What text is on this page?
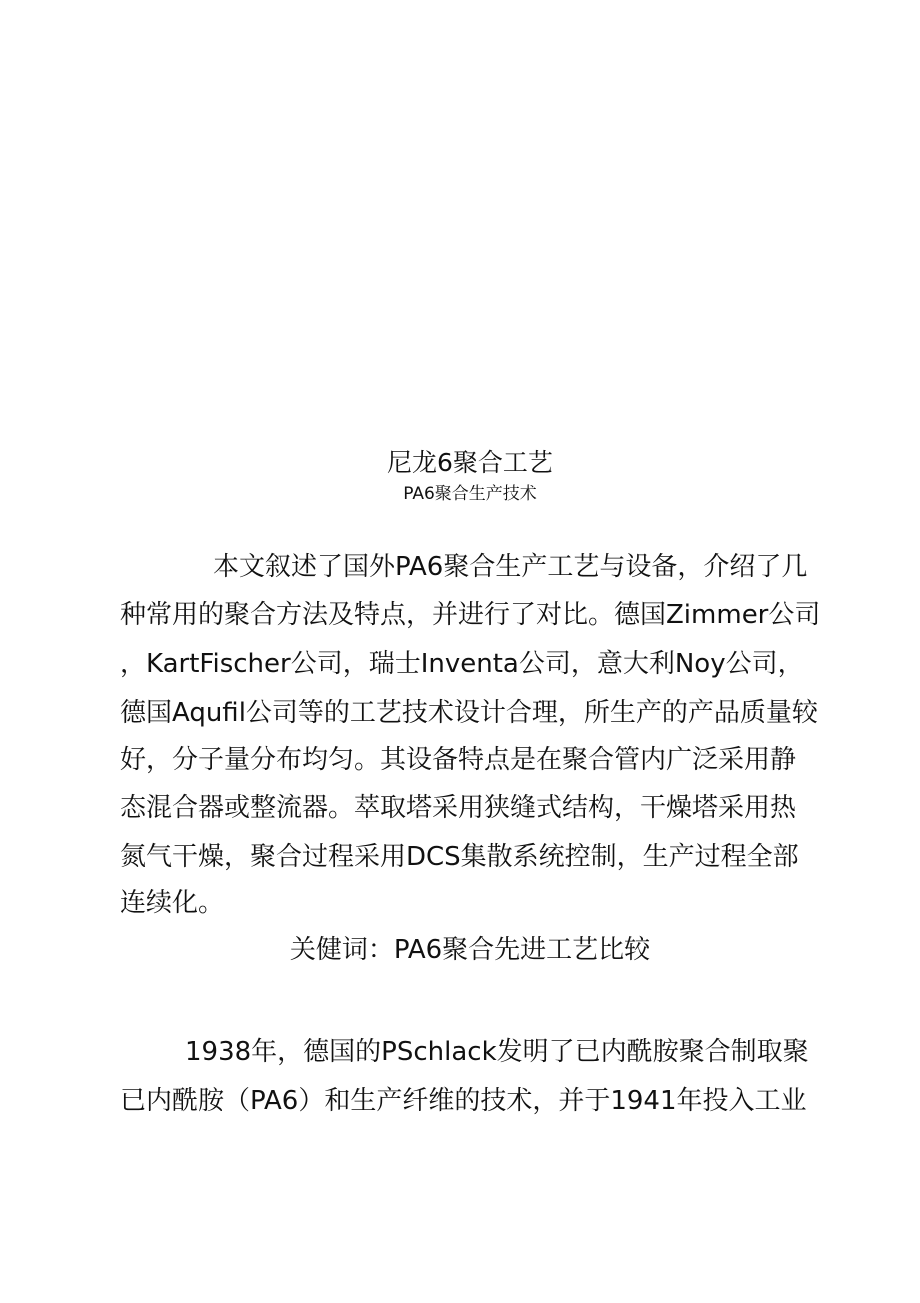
尼龙6聚合工艺

PA6聚合生产技术

本文叙述了国外PA6聚合生产工艺与设备，介绍了几

种常用的聚合方法及特点，并进行了对比。德国Zimmer公司

，KartFischer公司，瑞士Inventa公司，意大利Noy公司，

德国Aqufil公司等的工艺技术设计合理，所生产的产品质量较

好，分子量分布均匀。其设备特点是在聚合管内广泛采用静

态混合器或整流器。萃取塔采用狭缝式结构，干燥塔采用热

氮气干燥，聚合过程采用DCS集散系统控制，生产过程全部

连续化。

关健词：PA6聚合先进工艺比较

1938年，德国的PSchlack发明了已内酰胺聚合制取聚

已内酰胺（PA6）和生产纤维的技术，并于1941年投入工业
